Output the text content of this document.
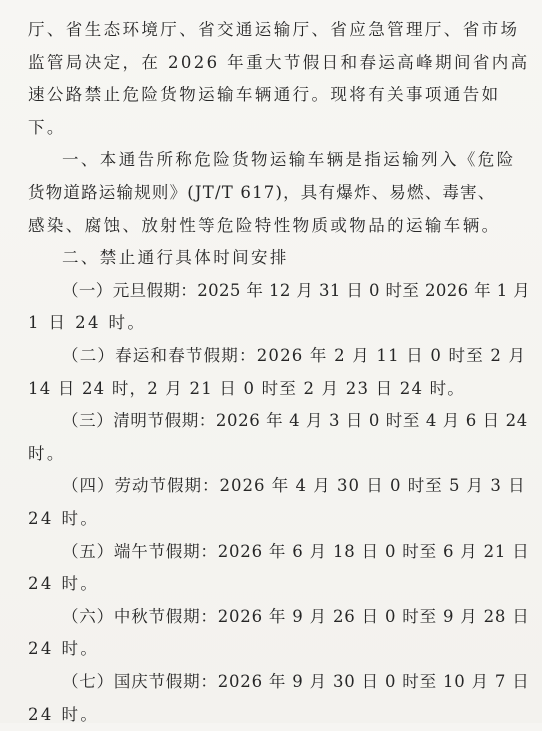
厅、省生态环境厅、省交通运输厅、省应急管理厅、省市场
监管局决定，在 2026 年重大节假日和春运高峰期间省内高
速公路禁止危险货物运输车辆通行。现将有关事项通告如
下。
一、本通告所称危险货物运输车辆是指运输列入《危险
货物道路运输规则》(JT/T 617)，具有爆炸、易燃、毒害、
感染、腐蚀、放射性等危险特性物质或物品的运输车辆。
二、禁止通行具体时间安排
（一）元旦假期：2025 年 12 月 31 日 0 时至 2026 年 1 月
1 日 24 时。
（二）春运和春节假期：2026 年 2 月 11 日 0 时至 2 月
14 日 24 时，2 月 21 日 0 时至 2 月 23 日 24 时。
（三）清明节假期：2026 年 4 月 3 日 0 时至 4 月 6 日 24
时。
（四）劳动节假期：2026 年 4 月 30 日 0 时至 5 月 3 日
24 时。
（五）端午节假期：2026 年 6 月 18 日 0 时至 6 月 21 日
24 时。
（六）中秋节假期：2026 年 9 月 26 日 0 时至 9 月 28 日
24 时。
（七）国庆节假期：2026 年 9 月 30 日 0 时至 10 月 7 日
24 时。
